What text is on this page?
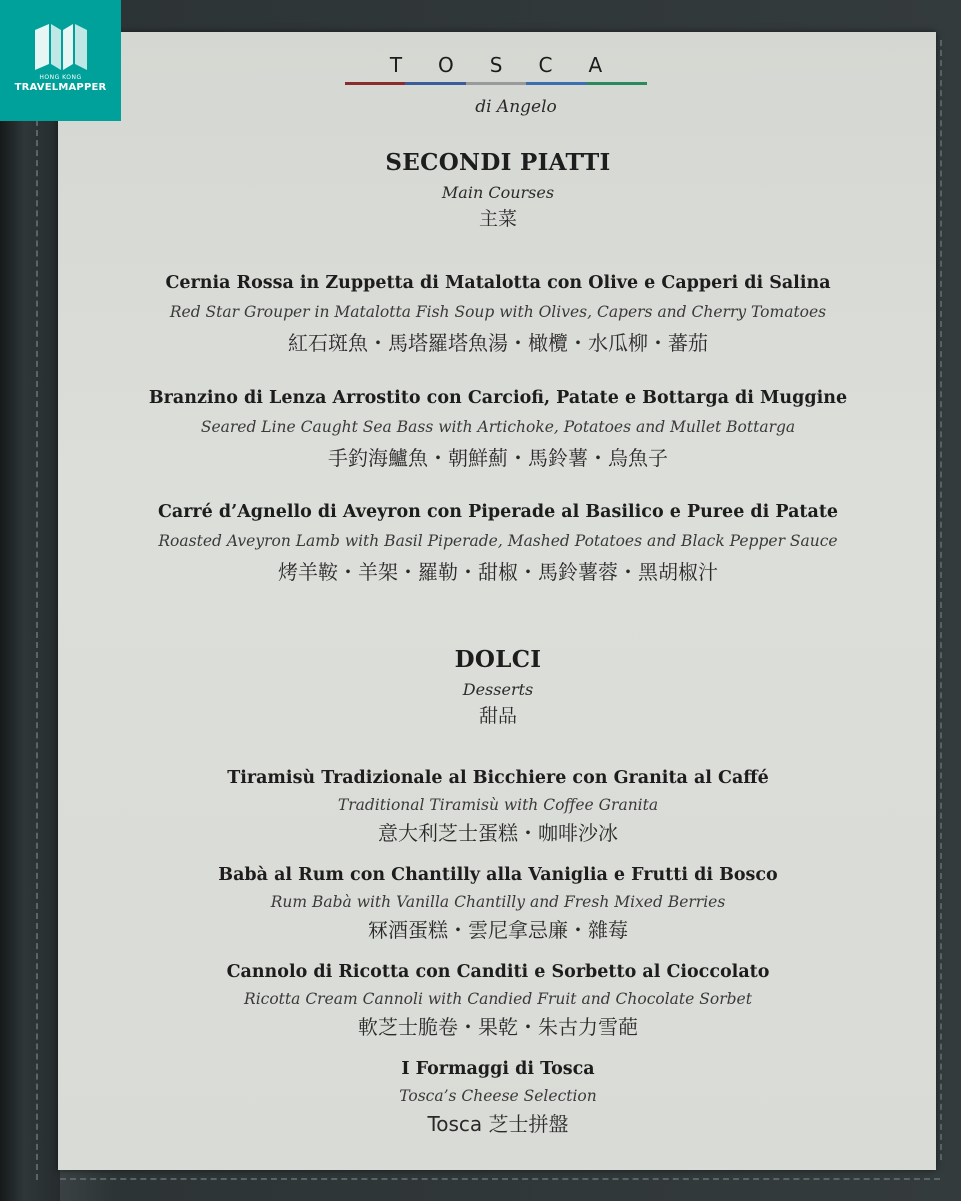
HONG KONG
TRAVELMAPPER
TOSCA
di Angelo
SECONDI PIATTI
Main Courses
主菜
Cernia Rossa in Zuppetta di Matalotta con Olive e Capperi di Salina
Red Star Grouper in Matalotta Fish Soup with Olives, Capers and Cherry Tomatoes
紅石斑魚・馬塔羅塔魚湯・橄欖・水瓜柳・蕃茄
Branzino di Lenza Arrostito con Carciofi, Patate e Bottarga di Muggine
Seared Line Caught Sea Bass with Artichoke, Potatoes and Mullet Bottarga
手釣海鱸魚・朝鮮薊・馬鈴薯・烏魚子
Carré d’Agnello di Aveyron con Piperade al Basilico e Puree di Patate
Roasted Aveyron Lamb with Basil Piperade, Mashed Potatoes and Black Pepper Sauce
烤羊鞍・羊架・羅勒・甜椒・馬鈴薯蓉・黑胡椒汁
DOLCI
Desserts
甜品
Tiramisù Tradizionale al Bicchiere con Granita al Caffé
Traditional Tiramisù with Coffee Granita
意大利芝士蛋糕・咖啡沙冰
Babà al Rum con Chantilly alla Vaniglia e Frutti di Bosco
Rum Babà with Vanilla Chantilly and Fresh Mixed Berries
冧酒蛋糕・雲尼拿忌廉・雜莓
Cannolo di Ricotta con Canditi e Sorbetto al Cioccolato
Ricotta Cream Cannoli with Candied Fruit and Chocolate Sorbet
軟芝士脆卷・果乾・朱古力雪葩
I Formaggi di Tosca
Tosca’s Cheese Selection
Tosca 芝士拼盤
